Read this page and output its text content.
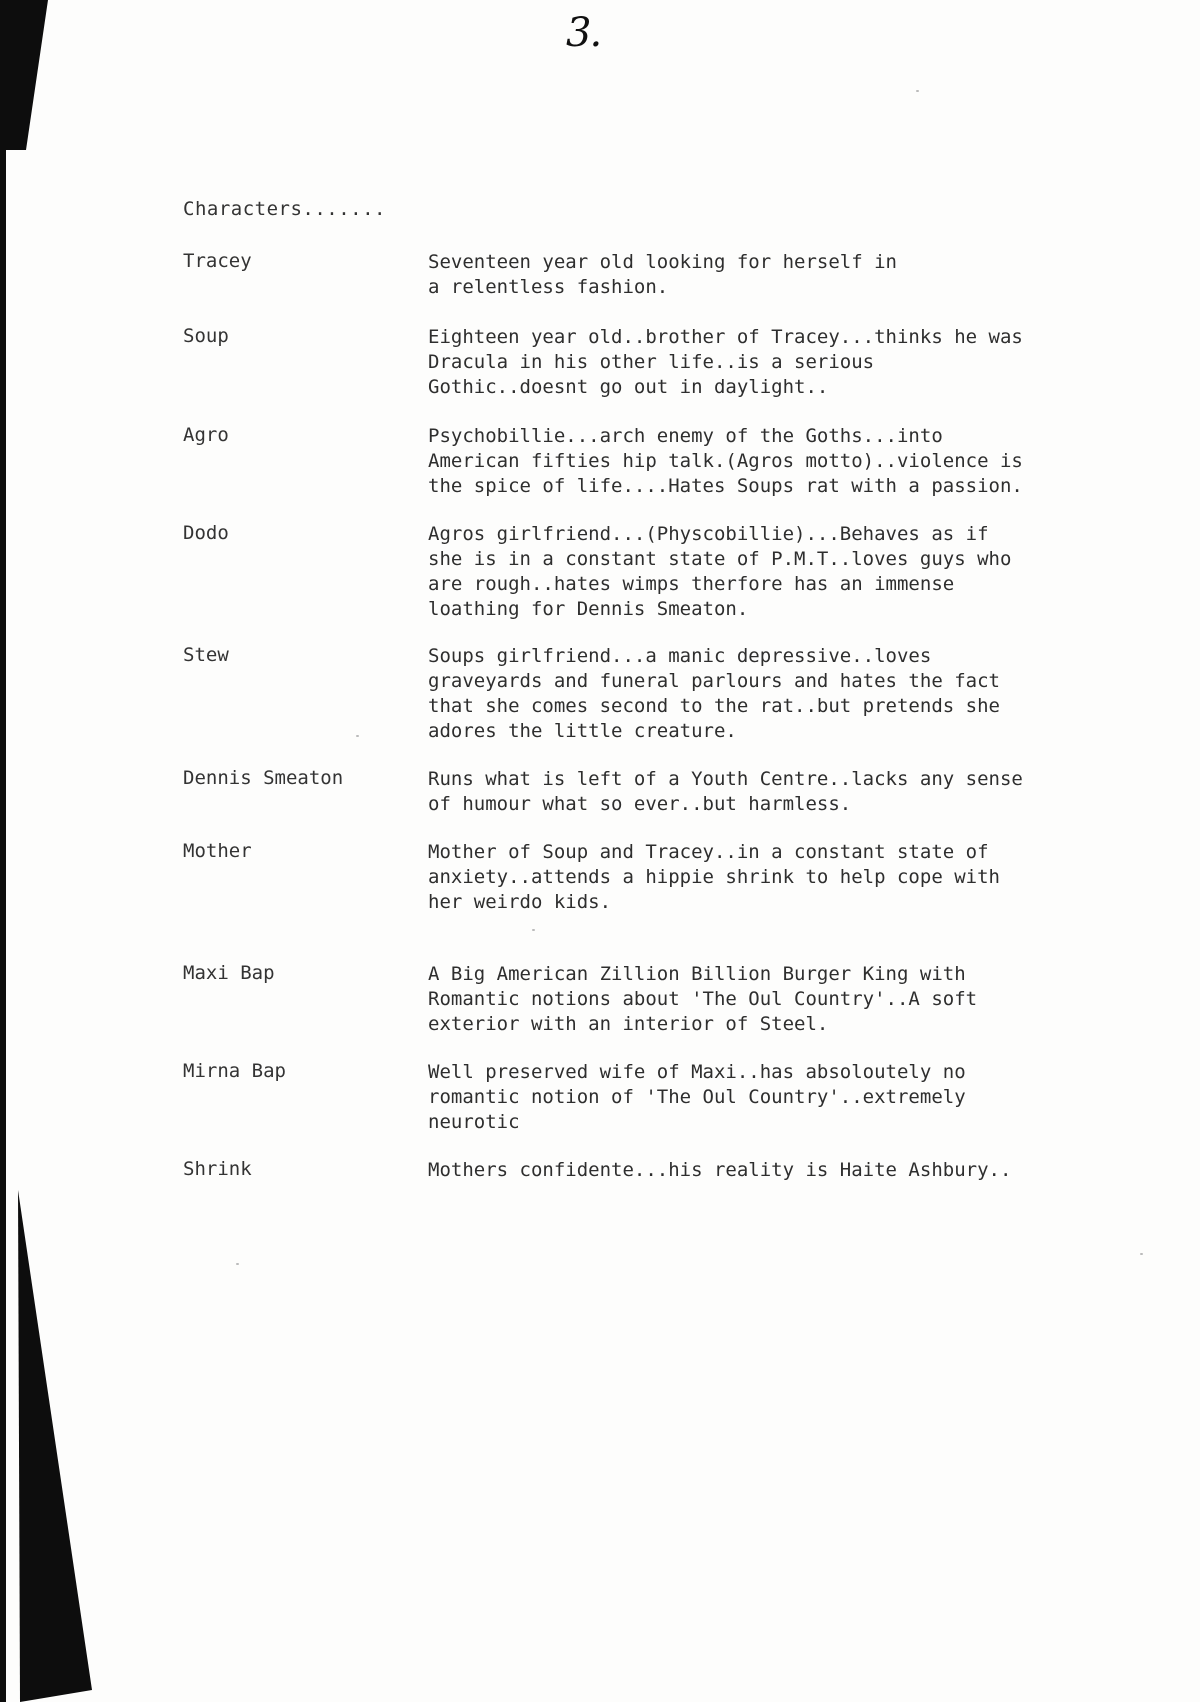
3.
Characters.......
Tracey	Seventeen year old looking for herself in
a relentless fashion.
Soup	Eighteen year old..brother of Tracey...thinks he was
Dracula in his other life..is a serious
Gothic..doesnt go out in daylight..
Agro	Psychobillie...arch enemy of the Goths...into
American fifties hip talk.(Agros motto)..violence is
the spice of life....Hates Soups rat with a passion.
Dodo	Agros girlfriend...(Physcobillie)...Behaves as if
she is in a constant state of P.M.T..loves guys who
are rough..hates wimps therfore has an immense
loathing for Dennis Smeaton.
Stew	Soups girlfriend...a manic depressive..loves
graveyards and funeral parlours and hates the fact
that she comes second to the rat..but pretends she
adores the little creature.
Dennis Smeaton	Runs what is left of a Youth Centre..lacks any sense
of humour what so ever..but harmless.
Mother	Mother of Soup and Tracey..in a constant state of
anxiety..attends a hippie shrink to help cope with
her weirdo kids.
Maxi Bap	A Big American Zillion Billion Burger King with
Romantic notions about 'The Oul Country'..A soft
exterior with an interior of Steel.
Mirna Bap	Well preserved wife of Maxi..has absoloutely no
romantic notion of 'The Oul Country'..extremely
neurotic
Shrink	Mothers confidente...his reality is Haite Ashbury..
